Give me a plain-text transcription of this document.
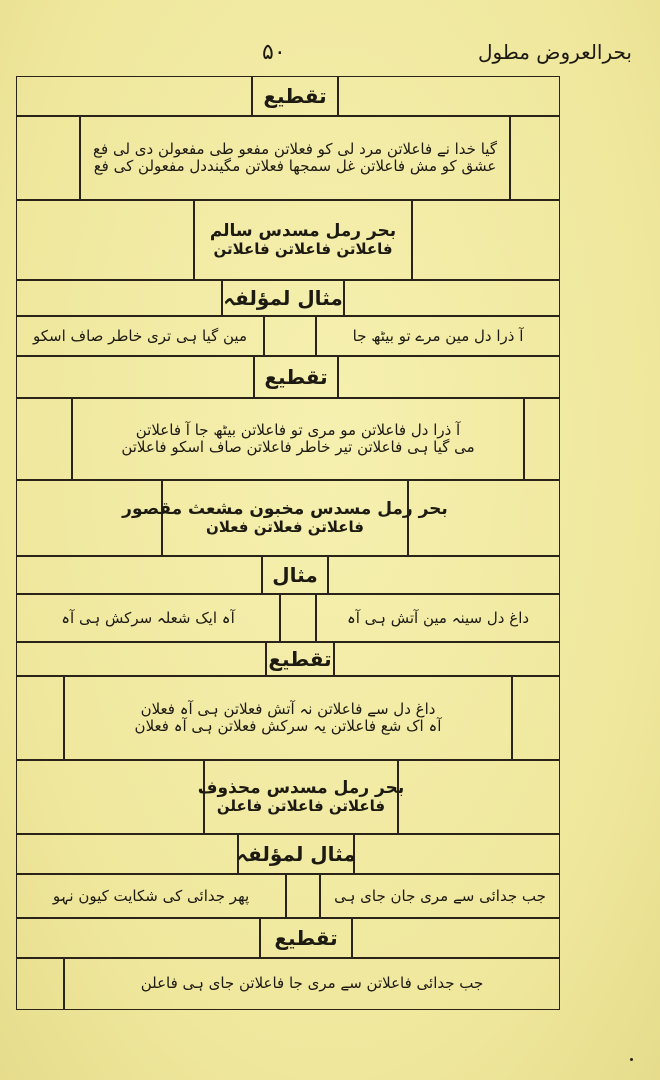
بحرالعروض مطول
۵۰
تقطیع
گیا خدا نے فاعلاتن مرد لی کو فعلاتن مفعو طی مفعولن دی لی فع
عشق کو مش فاعلاتن غل سمجھا فعلاتن مگینددل مفعولن کی فع
بحر رمل مسدس سالم
فاعلاتن فاعلاتن فاعلاتن
مثال لمؤلفہ
مین گیا ہی تری خاطر صاف اسکو	آ ذرا دل مین مرے تو بیٹھ جا
تقطیع
آ ذرا دل فاعلاتن مو مری تو فاعلاتن بیٹھ جا آ فاعلاتن
می گیا ہی فاعلاتن تیر خاطر فاعلاتن صاف اسکو فاعلاتن
بحر رمل مسدس مخبون مشعث مقصور
فاعلاتن فعلاتن فعلان
مثال
آہ ایک شعلہ سرکش ہی آہ	داغ دل سینہ مین آتش ہی آہ
تقطیع
داغ دل سے فاعلاتن نہ آتش فعلاتن ہی آہ فعلان
آہ اک شع فاعلاتن یہ سرکش فعلاتن ہی آہ فعلان
بحر رمل مسدس محذوف
فاعلاتن فاعلاتن فاعلن
مثال لمؤلفہ
پھر جدائی کی شکایت کیون نہو	جب جدائی سے مری جان جای ہی
تقطیع
جب جدائی فاعلاتن سے مری جا فاعلاتن جای ہی فاعلن
